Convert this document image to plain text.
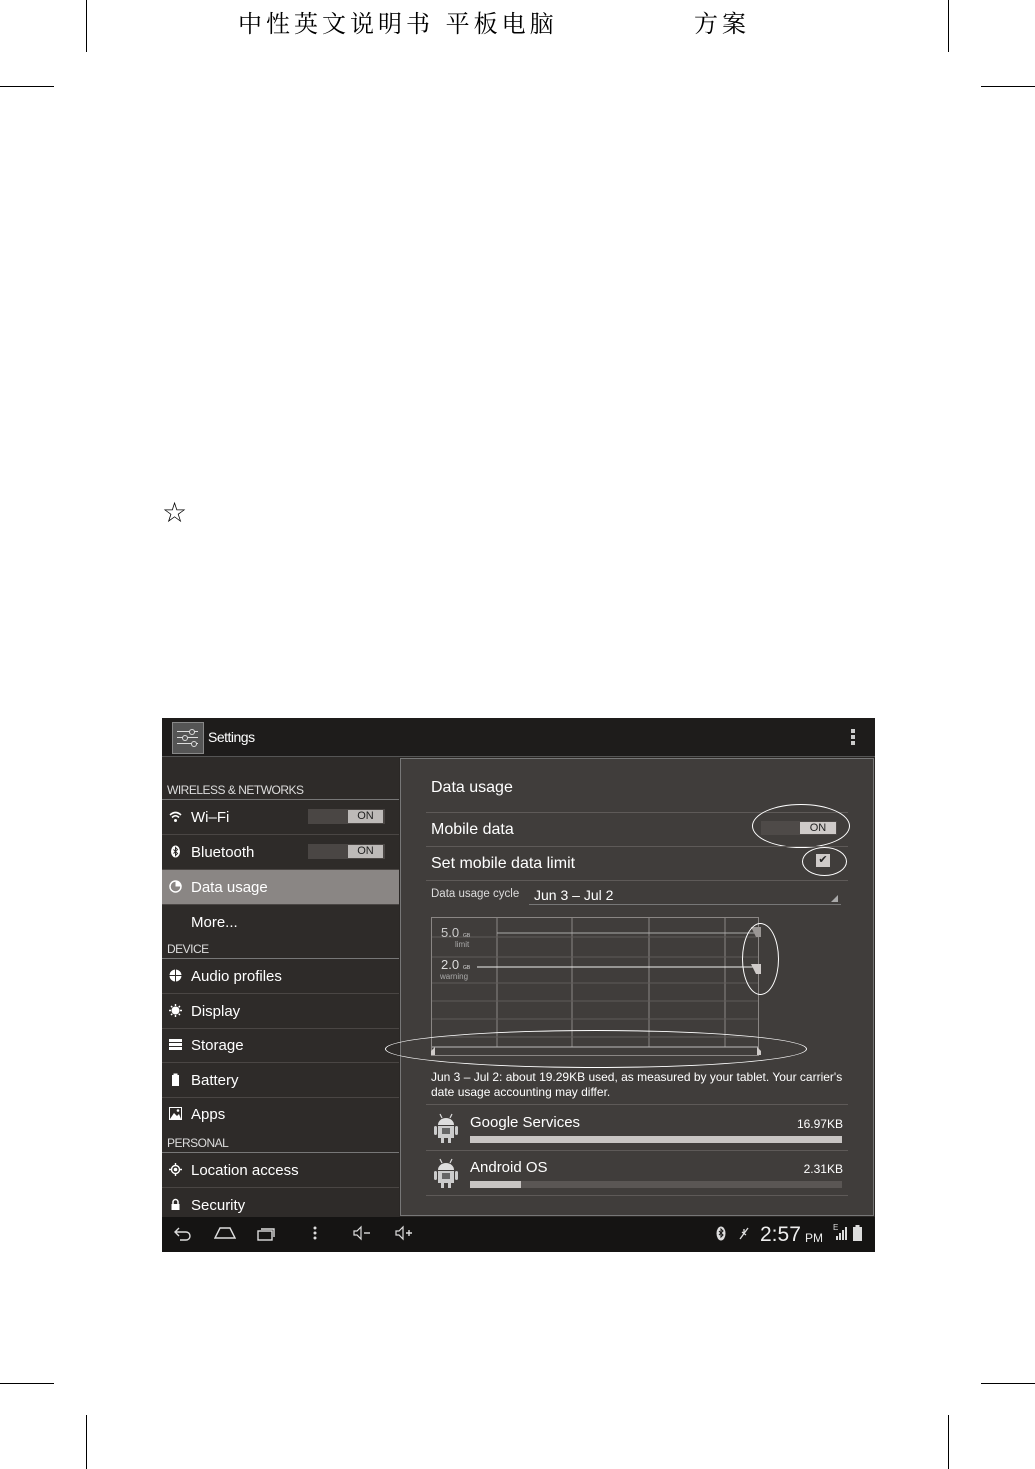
中性英文说明书 平板电脑	方案
☆
Settings
WIRELESS & NETWORKS
Wi–Fi	ON
Bluetooth	ON
Data usage
More...
DEVICE
Audio profiles
Display
Storage
Battery
Apps
PERSONAL
Location access
Security
Data usage
Mobile data	ON
Set mobile data limit	✔
Data usage cycle Jun 3 – Jul 2
5.0 GB
limit
2.0 GB
warning
Jun 3 – Jul 2: about 19.29KB used, as measured by your tablet. Your carrier's date usage accounting may differ.
Google Services	16.97KB
Android OS	2.31KB
2:57 PM
E
